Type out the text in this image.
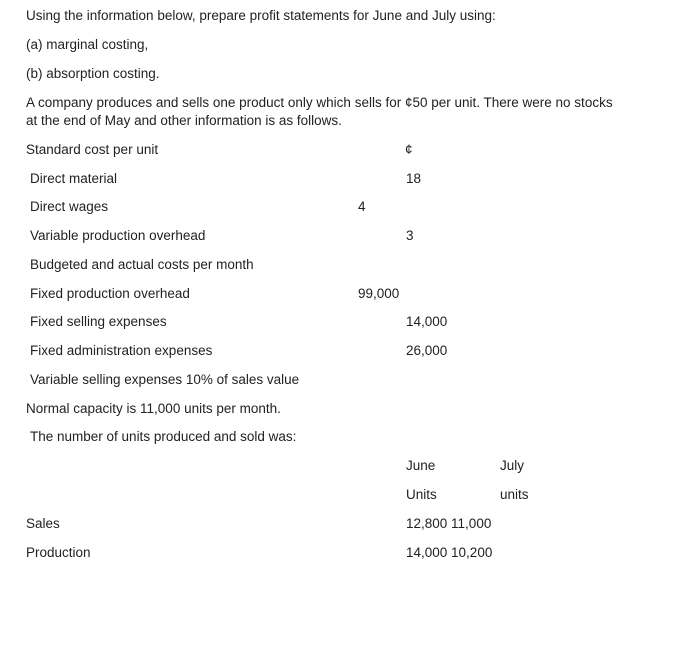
Using the information below, prepare profit statements for June and July using:
(a) marginal costing,
(b) absorption costing.
A company produces and sells one product only which sells for ¢50 per unit. There were no stocks at the end of May and other information is as follows.
Standard cost per unit	¢
Direct material	18
Direct wages	4
Variable production overhead	3
Budgeted and actual costs per month
Fixed production overhead	99,000
Fixed selling expenses	14,000
Fixed administration expenses	26,000
Variable selling expenses 10% of sales value
Normal capacity is 11,000 units per month.
The number of units produced and sold was:
June	July
Units	units
Sales	12,800 11,000
Production	14,000 10,200
